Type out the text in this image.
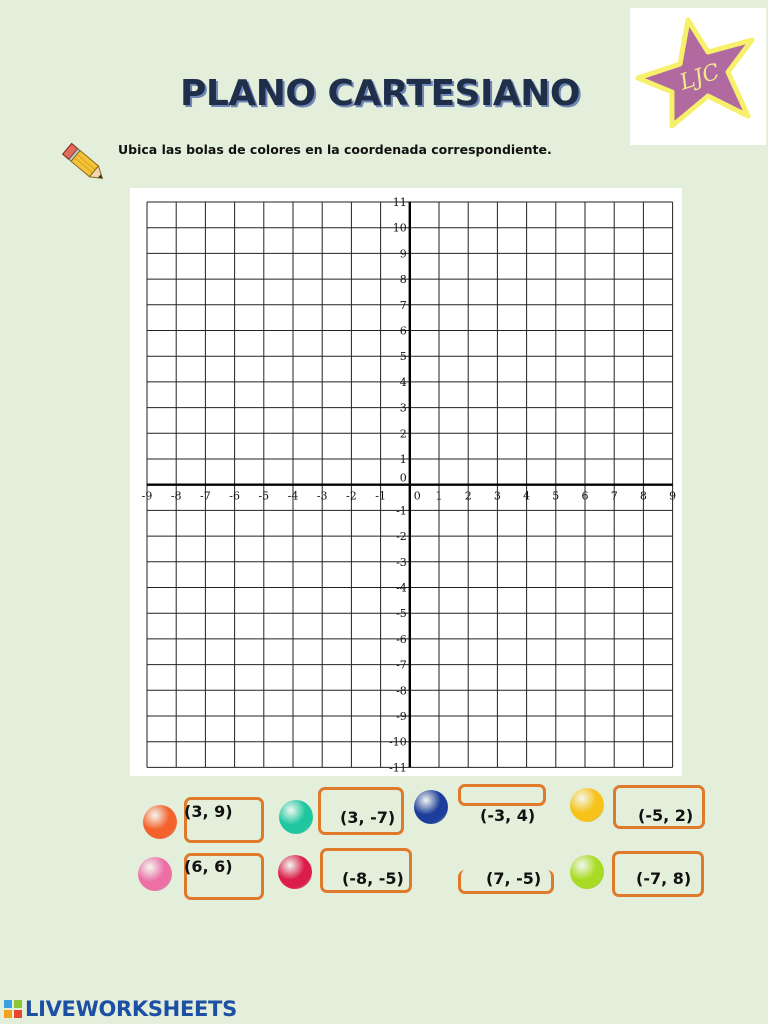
PLANO CARTESIANO	LJC
Ubica las bolas de colores en la coordenada correspondiente.
-9 -8 -7 -6 -5 -4 -3 -2 -1	1 2 3 4 5 6 7 8 9
11
10
9
8
7
6
5
4
3
2
1
-1
-2
-3
-4
-5
-6
-7
-8
-9
-10
-11
0
0
(3, 9)	(3, -7)	(-3, 4)	(-5, 2)
(6, 6)
(-8, -5)	(7, -5)	(-7, 8)
LIVEWORKSHEETS
